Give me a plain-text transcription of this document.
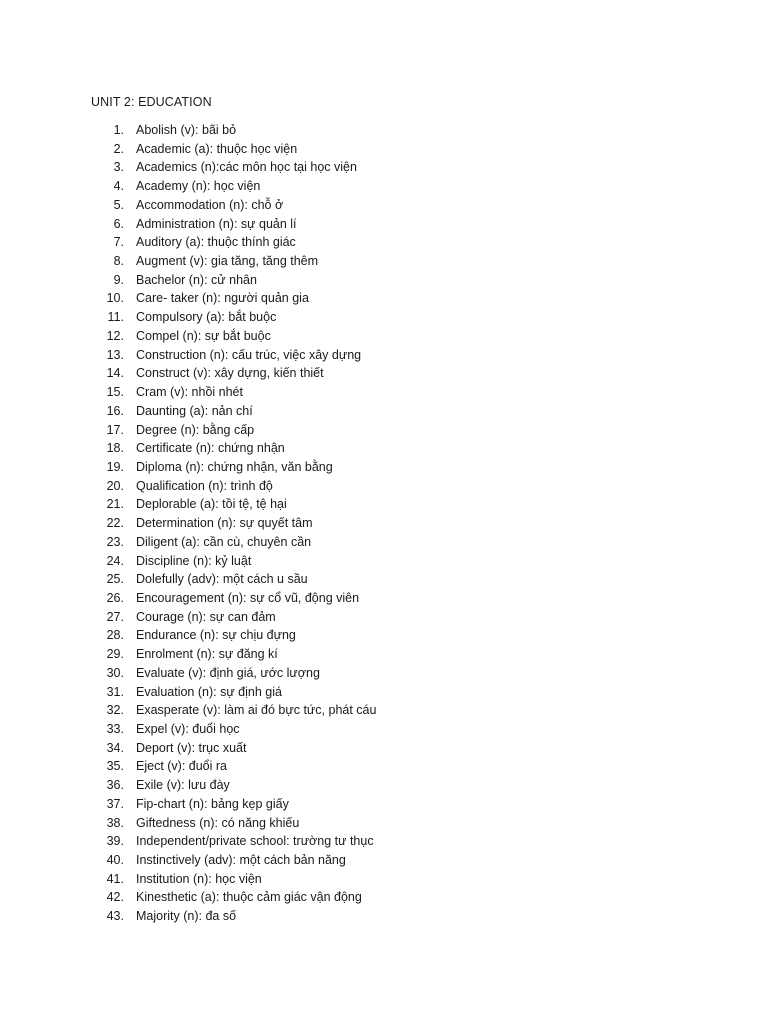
UNIT 2: EDUCATION
1. Abolish (v): bãi bỏ
2. Academic (a): thuộc học viện
3. Academics (n):các môn học tại học viện
4. Academy (n): học viện
5. Accommodation (n): chỗ ở
6. Administration (n): sự quản lí
7. Auditory (a): thuộc thính giác
8. Augment (v): gia tăng, tăng thêm
9. Bachelor (n): cử nhân
10. Care- taker (n): người quản gia
11. Compulsory (a): bắt buộc
12. Compel (n): sự bắt buộc
13. Construction (n): cấu trúc, việc xây dựng
14. Construct (v): xây dựng, kiến thiết
15. Cram (v): nhồi nhét
16. Daunting (a): nản chí
17. Degree (n): bằng cấp
18. Certificate (n): chứng nhận
19. Diploma (n): chứng nhận, văn bằng
20. Qualification (n): trình độ
21. Deplorable (a): tồi tệ, tệ hại
22. Determination (n): sự quyết tâm
23. Diligent (a): cần cù, chuyên cần
24. Discipline (n): kỷ luật
25. Dolefully (adv): một cách u sầu
26. Encouragement (n): sự cổ vũ, động viên
27. Courage (n): sự can đảm
28. Endurance (n): sự chịu đựng
29. Enrolment (n): sự đăng kí
30. Evaluate (v): định giá, ước lượng
31. Evaluation (n): sự định giá
32. Exasperate (v): làm ai đó bực tức, phát cáu
33. Expel (v): đuổi học
34. Deport (v): trục xuất
35. Eject (v): đuổi ra
36. Exile (v): lưu đày
37. Fip-chart (n): bảng kẹp giấy
38. Giftedness (n): có năng khiếu
39. Independent/private school: trường tư thục
40. Instinctively (adv): một cách bản năng
41. Institution (n): học viện
42. Kinesthetic (a): thuộc cảm giác vận động
43. Majority (n): đa số
